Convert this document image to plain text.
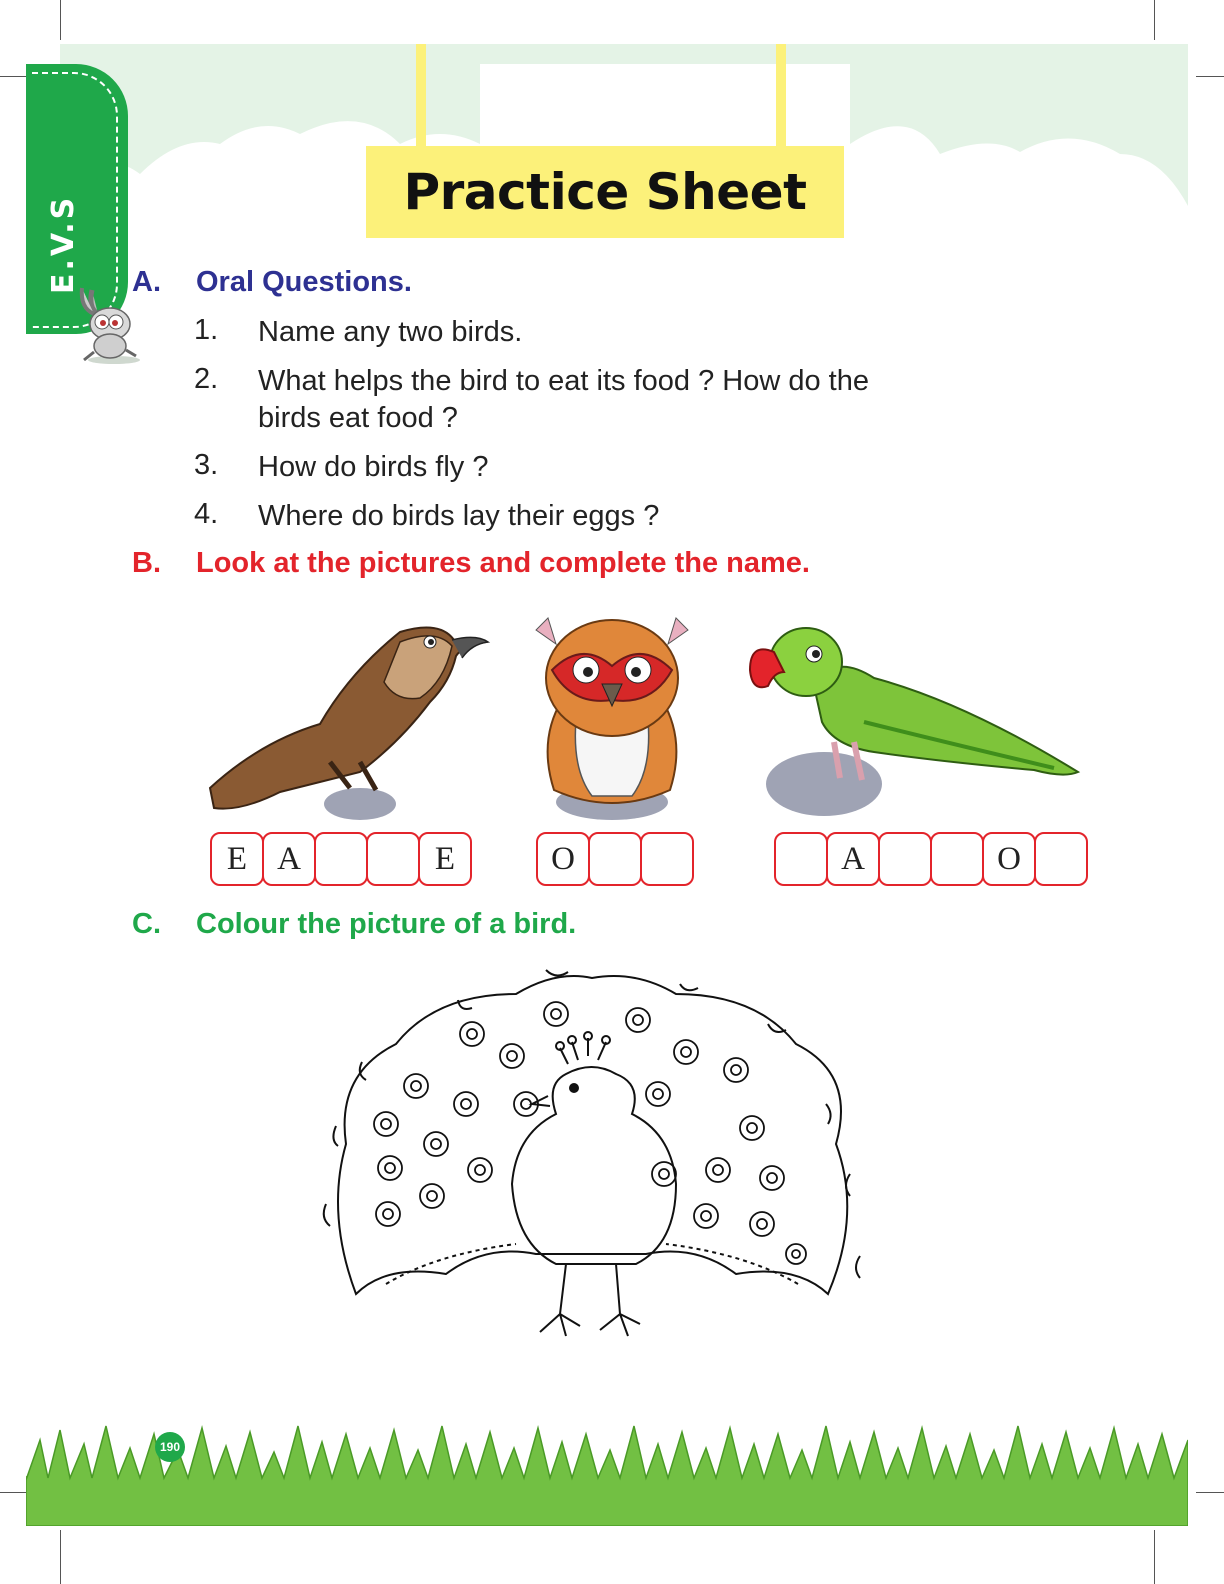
Practice Sheet
E.V.S A. Oral Questions.
1. Name any two birds.
2. What helps the bird to eat its food ? How do the
birds eat food ?
3. How do birds fly ?
4. Where do birds lay their eggs ?
B. Look at the pictures and complete the name.
E A	E	O	A	O
C. Colour the picture of a bird.
190
